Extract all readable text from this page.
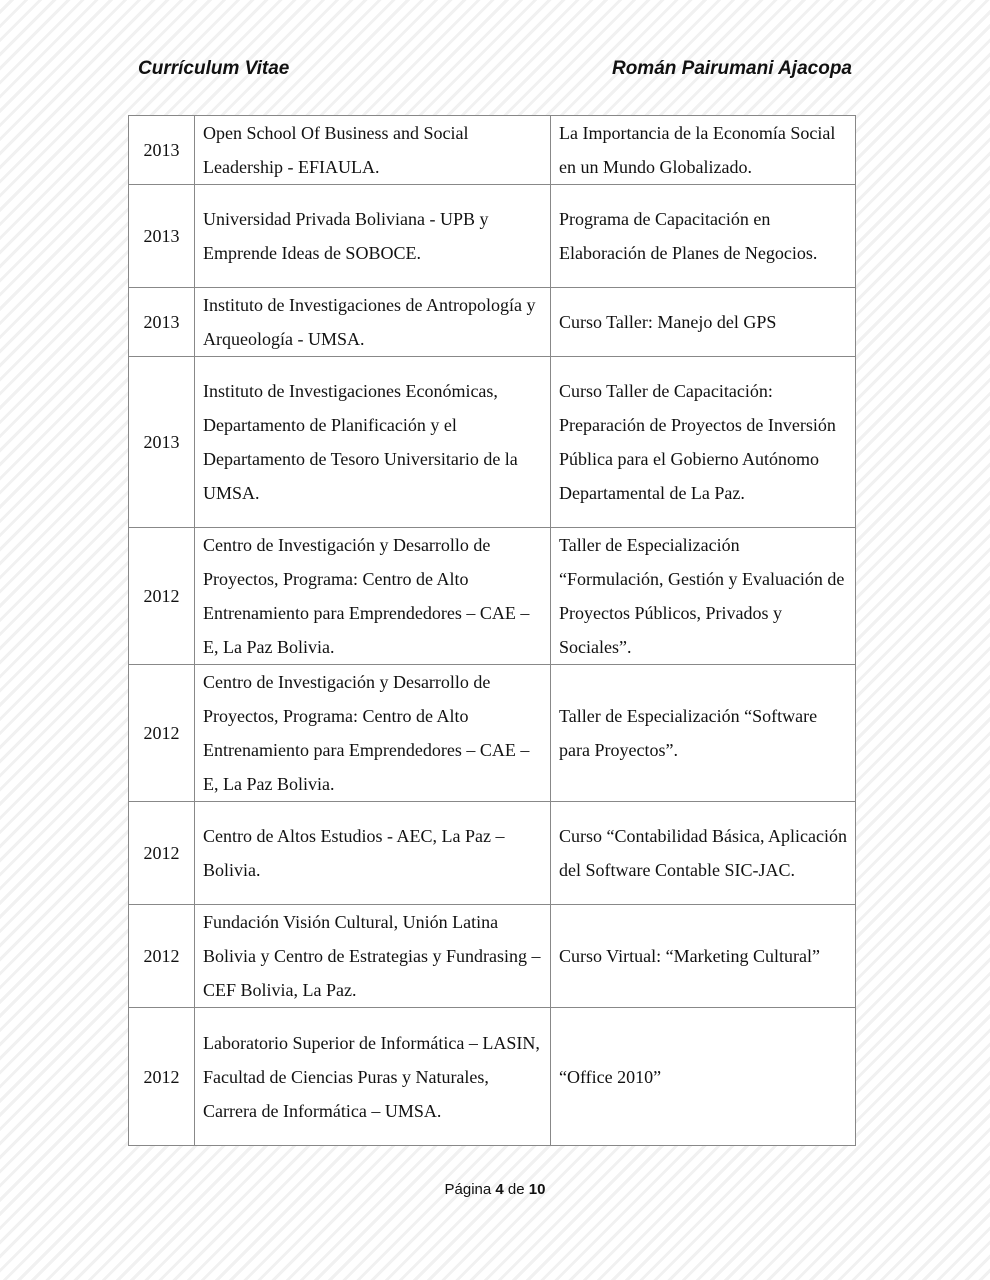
Currículum Vitae	Román Pairumani Ajacopa
2013	Open School Of Business and Social Leadership - EFIAULA.	La Importancia de la Economía Social en un Mundo Globalizado.
2013	Universidad Privada Boliviana - UPB y Emprende Ideas de SOBOCE.	Programa de Capacitación en Elaboración de Planes de Negocios.
2013	Instituto de Investigaciones de Antropología y Arqueología - UMSA.	Curso Taller: Manejo del GPS
2013	Instituto de Investigaciones Económicas, Departamento de Planificación y el Departamento de Tesoro Universitario de la UMSA.	Curso Taller de Capacitación: Preparación de Proyectos de Inversión Pública para el Gobierno Autónomo Departamental de La Paz.
2012	Centro de Investigación y Desarrollo de Proyectos, Programa: Centro de Alto Entrenamiento para Emprendedores – CAE – E, La Paz Bolivia.	Taller de Especialización “Formulación, Gestión y Evaluación de Proyectos Públicos, Privados y Sociales”.
2012	Centro de Investigación y Desarrollo de Proyectos, Programa: Centro de Alto Entrenamiento para Emprendedores – CAE – E, La Paz Bolivia.	Taller de Especialización “Software para Proyectos”.
2012	Centro de Altos Estudios - AEC, La Paz – Bolivia.	Curso “Contabilidad Básica, Aplicación del Software Contable SIC-JAC.
2012	Fundación Visión Cultural, Unión Latina Bolivia y Centro de Estrategias y Fundrasing – CEF Bolivia, La Paz.	Curso Virtual: “Marketing Cultural”
2012	Laboratorio Superior de Informática – LASIN, Facultad de Ciencias Puras y Naturales, Carrera de Informática – UMSA.	“Office 2010”
Página 4 de 10
